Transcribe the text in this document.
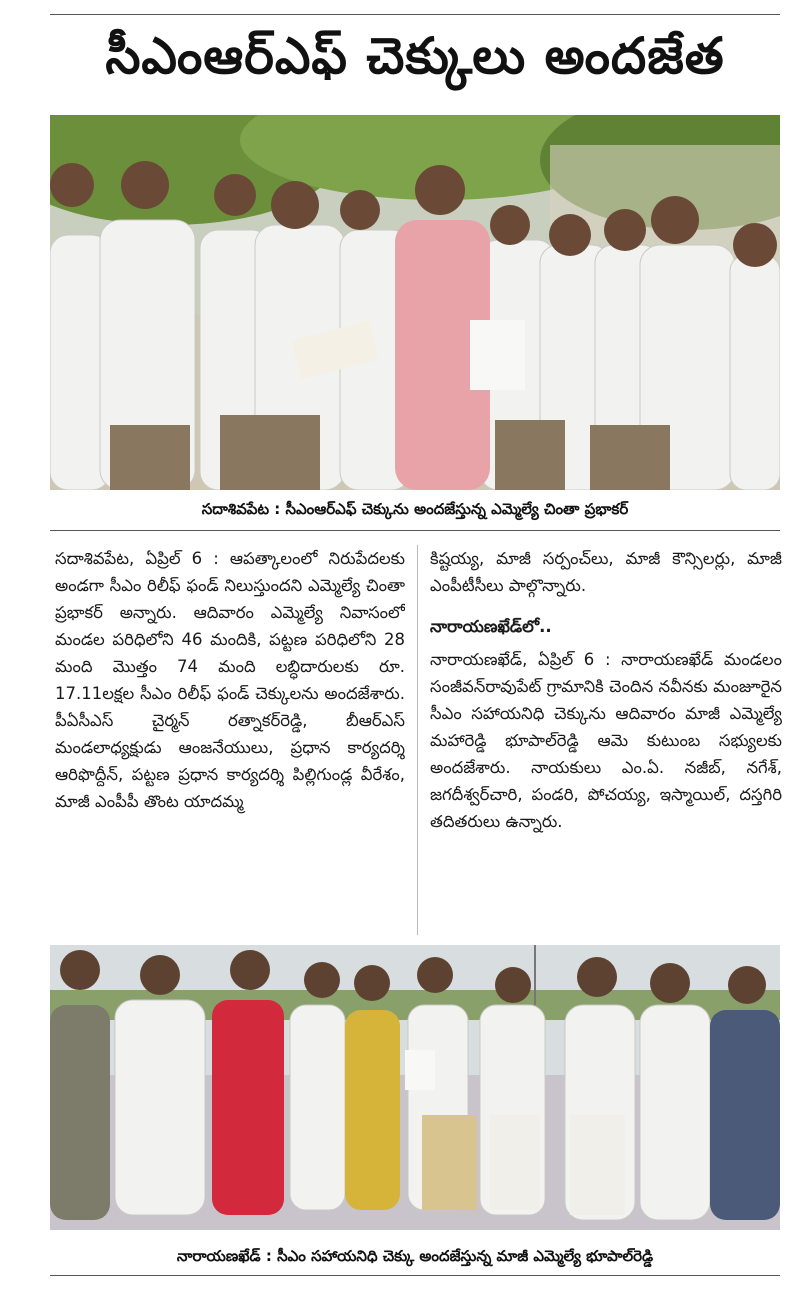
సీఎంఆర్ఎఫ్ చెక్కులు అందజేత
సదాశివపేట : సీఎంఆర్ఎఫ్ చెక్కును అందజేస్తున్న ఎమ్మెల్యే చింతా ప్రభాకర్

సదాశివపేట, ఏప్రిల్ 6 : ఆపత్కాలంలో నిరుపేదలకు అండగా సీఎం రిలీఫ్ ఫండ్ నిలుస్తుందని ఎమ్మెల్యే చింతా ప్రభాకర్ అన్నారు. ఆదివారం ఎమ్మెల్యే నివాసంలో మండల పరిధిలోని 46 మందికి, పట్టణ పరిధిలోని 28 మంది మొత్తం 74 మంది లబ్ధిదారులకు రూ. 17.11లక్షల సీఎం రిలీఫ్ ఫండ్ చెక్కులను అందజేశారు. పీఏసీఎస్ చైర్మన్ రత్నాకర్‌రెడ్డి, బీఆర్ఎస్ మండలాధ్యక్షుడు ఆంజనేయులు, ప్రధాన కార్యదర్శి ఆరిఫొద్దీన్, పట్టణ ప్రధాన కార్యదర్శి పిల్లిగుండ్ల వీరేశం, మాజీ ఎంపీపీ తొంట యాదమ్మ

కిష్టయ్య, మాజీ సర్పంచ్‌లు, మాజీ కౌన్సిలర్లు, మాజీ ఎంపీటీసీలు పాల్గొన్నారు.

నారాయణఖేడ్‌లో..

నారాయణఖేడ్, ఏప్రిల్ 6 : నారాయణఖేడ్ మండలం సంజీవన్‌రావుపేట్ గ్రామానికి చెందిన నవీనకు మంజూరైన సీఎం సహాయనిధి చెక్కును ఆదివారం మాజీ ఎమ్మెల్యే మహారెడ్డి భూపాల్‌రెడ్డి ఆమె కుటుంబ సభ్యులకు అందజేశారు. నాయకులు ఎం.ఏ. నజీబ్, నగేశ్, జగదీశ్వర్‌చారి, పండరి, పోచయ్య, ఇస్మాయిల్, దస్తగిరి తదితరులు ఉన్నారు.

నారాయణఖేడ్ : సీఎం సహాయనిధి చెక్కు అందజేస్తున్న మాజీ ఎమ్మెల్యే భూపాల్‌రెడ్డి
